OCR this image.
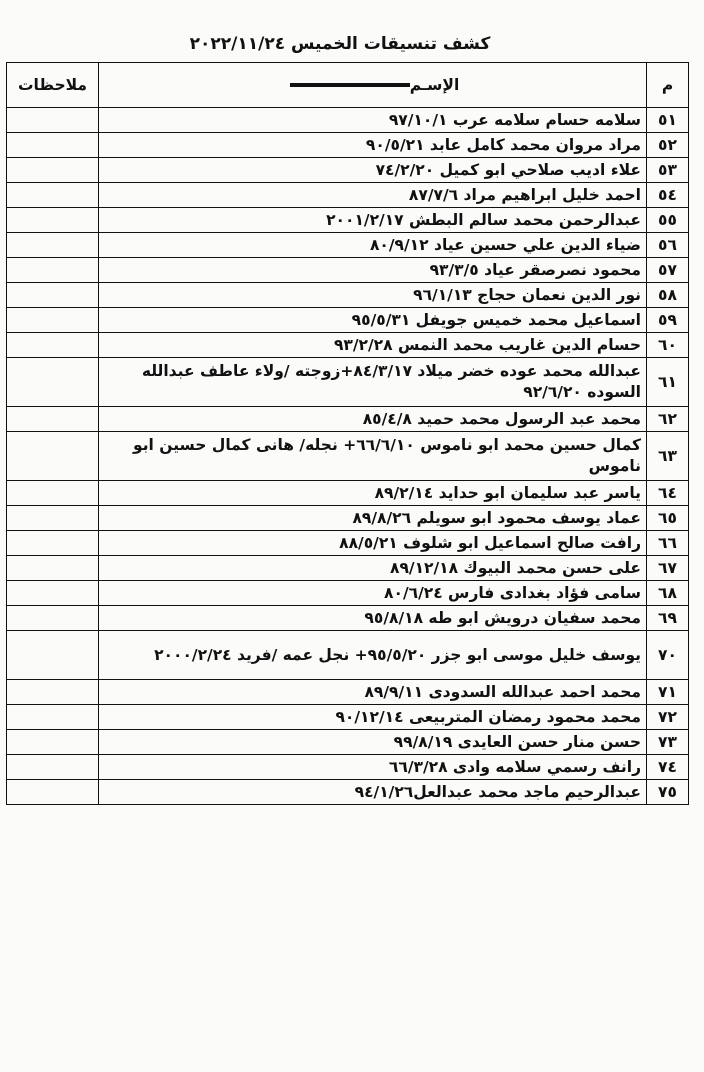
كشف تنسيقات الخميس ٢٠٢٢/١١/٢٤
م	الإسـم	ملاحظات
٥١	سلامه حسام سلامه عرب ٩٧/١٠/١	
٥٢	مراد مروان محمد كامل عابد ٩٠/٥/٢١	
٥٣	علاء اديب صلاحي ابو كميل ٧٤/٢/٢٠	
٥٤	احمد خليل ابراهيم مراد ٨٧/٧/٦	
٥٥	عبدالرحمن محمد سالم البطش ٢٠٠١/٢/١٧	
٥٦	ضياء الدين علي حسين عياد ٨٠/٩/١٢	
٥٧	محمود نصرصقر عياد ٩٣/٣/٥	
٥٨	نور الدين نعمان حجاج ٩٦/١/١٣	
٥٩	اسماعيل محمد خميس جويفل ٩٥/٥/٣١	
٦٠	حسام الدين غاريب محمد النمس ٩٣/٢/٢٨	
٦١	عبدالله محمد عوده خضر ميلاد ٨٤/٣/١٧+زوجته /ولاء عاطف عبدالله السوده ٩٢/٦/٢٠	
٦٢	محمد عبد الرسول محمد حميد ٨٥/٤/٨	
٦٣	كمال حسين محمد ابو ناموس ٦٦/٦/١٠+ نجله/ هانى كمال حسين ابو ناموس	
٦٤	ياسر عبد سليمان ابو حدايد ٨٩/٢/١٤	
٦٥	عماد يوسف محمود ابو سويلم ٨٩/٨/٢٦	
٦٦	رافت صالح اسماعيل ابو شلوف ٨٨/٥/٢١	
٦٧	على حسن محمد البيوك ٨٩/١٢/١٨	
٦٨	سامى فؤاد بغدادى فارس ٨٠/٦/٢٤	
٦٩	محمد سفيان درويش ابو طه ٩٥/٨/١٨	
٧٠	يوسف خليل موسى ابو جزر ٩٥/٥/٢٠+ نجل عمه /فريد ٢٠٠٠/٢/٢٤	
٧١	محمد احمد عبدالله السدودى ٨٩/٩/١١	
٧٢	محمد محمود رمضان المتربيعى ٩٠/١٢/١٤	
٧٣	حسن منار حسن العايدى ٩٩/٨/١٩	
٧٤	رانف رسمي سلامه وادى ٦٦/٣/٢٨	
٧٥	عبدالرحيم ماجد محمد عبدالعل٩٤/١/٢٦	
